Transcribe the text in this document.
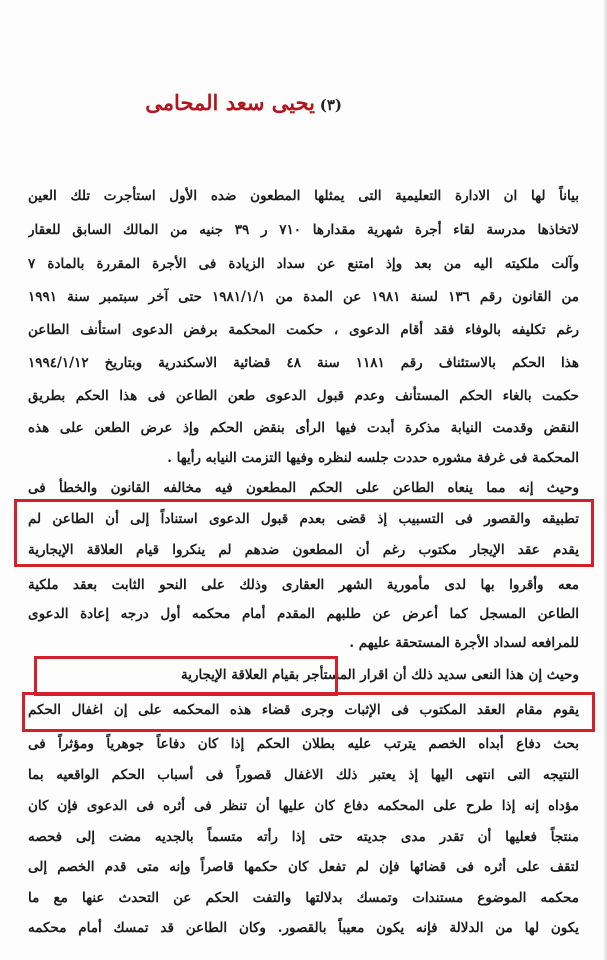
(٣)
يحيى سعد المحامى
بياناً لها ان الادارة التعليمية التى يمثلها المطعون ضده الأول استأجرت تلك العين
لاتخاذها مدرسة لقاء أجرة شهرية مقدارها ٧١٠ ر ٣٩ جنيه من المالك السابق للعقار
وآلت ملكيته اليه من بعد وإذ امتنع عن سداد الزيادة فى الأجرة المقررة بالمادة ٧
من القانون رقم ١٣٦ لسنة ١٩٨١ عن المدة من ١٩٨١/١/١ حتى آخر سبتمبر سنة ١٩٩١
رغم تكليفه بالوفاء فقد أقام الدعوى ، حكمت المحكمة برفض الدعوى استأنف الطاعن
هذا الحكم بالاستئناف رقم ١١٨١ سنة ٤٨ قضائية الاسكندرية وبتاريخ ١٩٩٤/١/١٢
حكمت بالغاء الحكم المستأنف وعدم قبول الدعوى طعن الطاعن فى هذا الحكم بطريق
النقض وقدمت النيابة مذكرة أبدت فيها الرأى بنقض الحكم وإذ عرض الطعن على هذه
المحكمة فى غرفة مشوره حددت جلسه لنظره وفيها التزمت النيابه رأيها .
وحيث إنه مما ينعاه الطاعن على الحكم المطعون فيه مخالفه القانون والخطأ فى
تطبيقه والقصور فى التسبيب إذ قضى بعدم قبول الدعوى استناداً إلى أن الطاعن لم
يقدم عقد الإيجار مكتوب رغم أن المطعون ضدهم لم ينكروا قيام العلاقة الإيجارية
معه وأقروا بها لدى مأمورية الشهر العقارى وذلك على النحو الثابت بعقد ملكية
الطاعن المسجل كما أعرض عن طلبهم المقدم أمام محكمه أول درجه إعادة الدعوى
للمرافعه لسداد الأجرة المستحقة عليهم .
وحيث إن هذا النعى سديد ذلك أن اقرار المستأجر بقيام العلاقة الإيجارية
يقوم مقام العقد المكتوب فى الإثبات وجرى قضاء هذه المحكمه على إن اغفال الحكم
بحث دفاع أبداه الخصم يترتب عليه بطلان الحكم إذا كان دفاعاً جوهرياً ومؤثراً فى
النتيجه التى انتهى اليها إذ يعتبر ذلك الاغفال قصوراً فى أسباب الحكم الواقعيه بما
مؤداه إنه إذا طرح على المحكمه دفاع كان عليها أن تنظر فى أثره فى الدعوى فإن كان
منتجاً فعليها أن تقدر مدى جديته حتى إذا رأته متسماً بالجديه مضت إلى فحصه
لتقف على أثره فى قضائها فإن لم تفعل كان حكمها قاصراً وإنه متى قدم الخصم إلى
محكمه الموضوع مستندات وتمسك بدلالتها والتفت الحكم عن التحدث عنها مع ما
يكون لها من الدلالة فإنه يكون معيباً بالقصور. وكان الطاعن قد تمسك أمام محكمه
